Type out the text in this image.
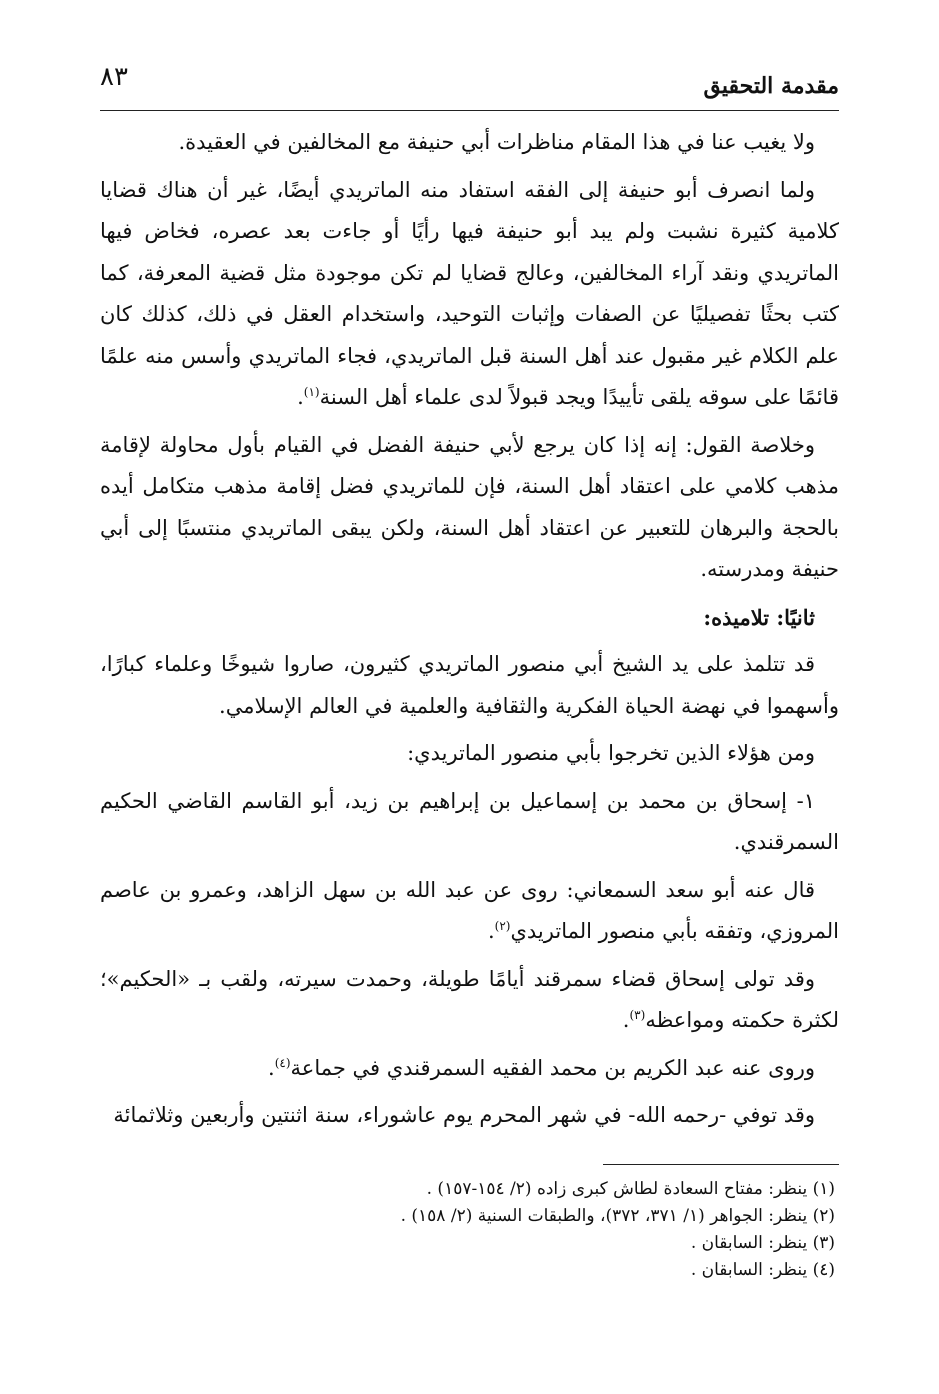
مقدمة التحقيق
٨٣

ولا يغيب عنا في هذا المقام مناظرات أبي حنيفة مع المخالفين في العقيدة.

ولما انصرف أبو حنيفة إلى الفقه استفاد منه الماتريدي أيضًا، غير أن هناك قضايا كلامية كثيرة نشبت ولم يبد أبو حنيفة فيها رأيًا أو جاءت بعد عصره، فخاض فيها الماتريدي ونقد آراء المخالفين، وعالج قضايا لم تكن موجودة مثل قضية المعرفة، كما كتب بحثًا تفصيليًا عن الصفات وإثبات التوحيد، واستخدام العقل في ذلك، كذلك كان علم الكلام غير مقبول عند أهل السنة قبل الماتريدي، فجاء الماتريدي وأسس منه علمًا قائمًا على سوقه يلقى تأييدًا ويجد قبولاً لدى علماء أهل السنة$^{(١)}$.

وخلاصة القول: إنه إذا كان يرجع لأبي حنيفة الفضل في القيام بأول محاولة لإقامة مذهب كلامي على اعتقاد أهل السنة، فإن للماتريدي فضل إقامة مذهب متكامل أيده بالحجة والبرهان للتعبير عن اعتقاد أهل السنة، ولكن يبقى الماتريدي منتسبًا إلى أبي حنيفة ومدرسته.

ثانيًا: تلاميذه:

قد تتلمذ على يد الشيخ أبي منصور الماتريدي كثيرون، صاروا شيوخًا وعلماء كبارًا، وأسهموا في نهضة الحياة الفكرية والثقافية والعلمية في العالم الإسلامي.

ومن هؤلاء الذين تخرجوا بأبي منصور الماتريدي:

١- إسحاق بن محمد بن إسماعيل بن إبراهيم بن زيد، أبو القاسم القاضي الحكيم السمرقندي.

قال عنه أبو سعد السمعاني: روى عن عبد الله بن سهل الزاهد، وعمرو بن عاصم المروزي، وتفقه بأبي منصور الماتريدي$^{(٢)}$.

وقد تولى إسحاق قضاء سمرقند أيامًا طويلة، وحمدت سيرته، ولقب بـ «الحكيم»؛ لكثرة حكمته ومواعظه$^{(٣)}$.

وروى عنه عبد الكريم بن محمد الفقيه السمرقندي في جماعة$^{(٤)}$.

وقد توفي -رحمه الله- في شهر المحرم يوم عاشوراء، سنة اثنتين وأربعين وثلاثمائة

(١) ينظر: مفتاح السعادة لطاش كبرى زاده (٢/ ١٥٤-١٥٧) .
(٢) ينظر: الجواهر (١/ ٣٧١، ٣٧٢)، والطبقات السنية (٢/ ١٥٨) .
(٣) ينظر: السابقان .
(٤) ينظر: السابقان .
